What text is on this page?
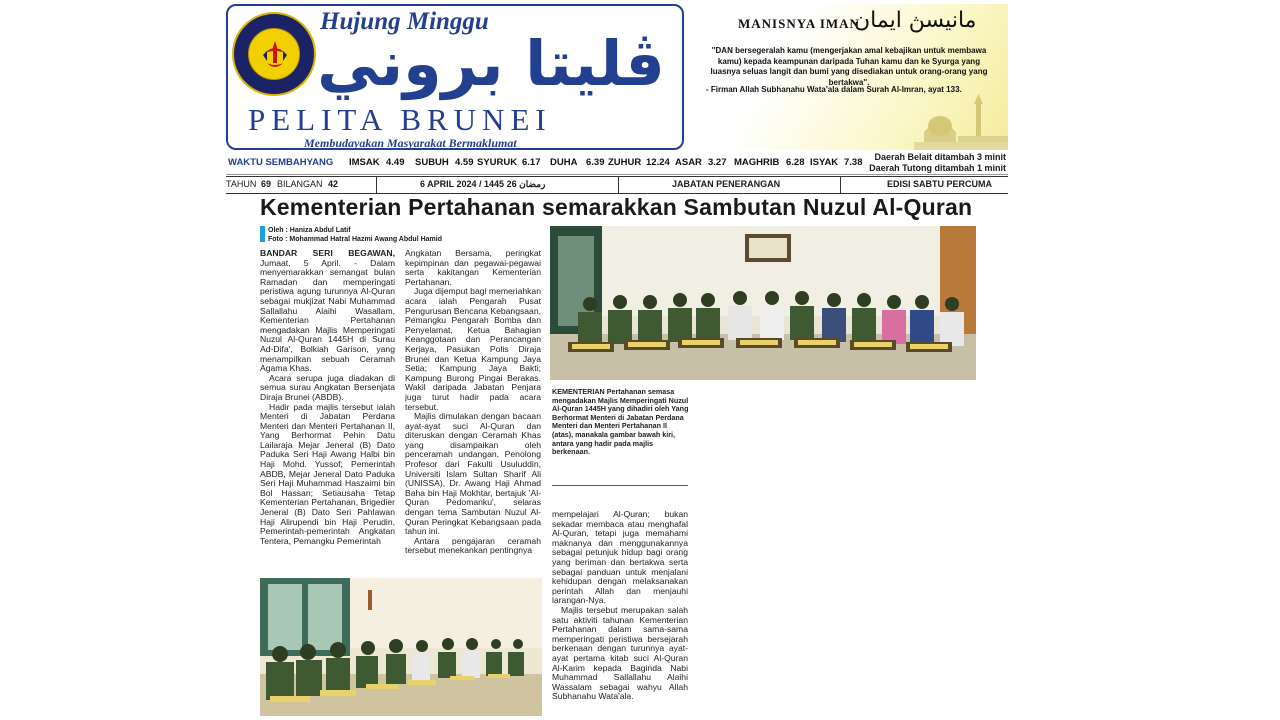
Hujung Minggu
ڤليتا بروني
PELITA BRUNEI
Membudayakan Masyarakat Bermaklumat
MANISNYA IMAN
مانيسڽ ايمان
''DAN bersegeralah kamu (mengerjakan amal kebajikan untuk membawa kamu) kepada keampunan daripada Tuhan kamu dan ke Syurga yang luasnya seluas langit dan bumi yang disediakan untuk orang-orang yang bertakwa''.
- Firman Allah Subhanahu Wata'ala dalam Surah Al-Imran, ayat 133.
WAKTU SEMBAHYANG IMSAK 4.49 SUBUH 4.59 SYURUK 6.17 DUHA 6.39 ZUHUR 12.24 ASAR 3.27 MAGHRIB 6.28 ISYAK 7.38	Daerah Belait ditambah 3 minit
Daerah Tutong ditambah 1 minit
TAHUN 69 BILANGAN 42	6 APRIL 2024 / 1445 رمضان 26	JABATAN PENERANGAN	EDISI SABTU PERCUMA
Kementerian Pertahanan semarakkan Sambutan Nuzul Al-Quran
Oleh : Haniza Abdul Latif
Foto : Mohammad Hatral Hazmi Awang Abdul Hamid

BANDAR SERI BEGAWAN, Jumaat, 5 April. - Dalam menyemarakkan semangat bulan Ramadan dan memperingati peristiwa agung turunnya Al-Quran sebagai mukjizat Nabi Muhammad Sallallahu Alaihi Wasallam, Kementerian Pertahanan mengadakan Majlis Memperingati Nuzul Al-Quran 1445H di Surau Ad-Difa', Bolkiah Garison, yang menampilkan sebuah Ceramah Agama Khas.

Acara serupa juga diadakan di semua surau Angkatan Bersenjata Diraja Brunei (ABDB).

Hadir pada majlis tersebut ialah Menteri di Jabatan Perdana Menteri dan Menteri Pertahanan II, Yang Berhormat Pehin Datu Lailaraja Mejar Jeneral (B) Dato Paduka Seri Haji Awang Halbi bin Haji Mohd. Yussof; Pemerintah ABDB, Mejar Jeneral Dato Paduka Seri Haji Muhammad Haszaimi bin Bol Hassan; Setiausaha Tetap Kementerian Pertahanan, Brigedier Jeneral (B) Dato Seri Pahlawan Haji Alirupendi bin Haji Perudin, Pemerintah-pemerintah Angkatan Tentera, Pemangku Pemerintah

Angkatan Bersama, peringkat kepimpinan dan pegawai-pegawai serta kakitangan Kementerian Pertahanan.

Juga dijemput bagi memeriahkan acara ialah Pengarah Pusat Pengurusan Bencana Kebangsaan, Pemangku Pengarah Bomba dan Penyelamat, Ketua Bahagian Keanggotaan dan Perancangan Kerjaya, Pasukan Polis Diraja Brunei dan Ketua Kampung Jaya Setia; Kampung Jaya Bakti; Kampung Burong Pingai Berakas. Wakil daripada Jabatan Penjara juga turut hadir pada acara tersebut.

Majlis dimulakan dengan bacaan ayat-ayat suci Al-Quran dan diteruskan dengan Ceramah Khas yang disampaikan oleh penceramah undangan, Penolong Profesor dari Fakulti Usuluddin, Universiti Islam Sultan Sharif Ali (UNISSA), Dr. Awang Haji Ahmad Baha bin Haji Mokhtar, bertajuk 'Al-Quran Pedomanku', selaras dengan tema Sambutan Nuzul Al-Quran Peringkat Kebangsaan pada tahun ini.

Antara pengajaran ceramah tersebut menekankan pentingnya

KEMENTERIAN Pertahanan semasa mengadakan Majlis Memperingati Nuzul Al-Quran 1445H yang dihadiri oleh Yang Berhormat Menteri di Jabatan Perdana Menteri dan Menteri Pertahanan II (atas), manakala gambar bawah kiri, antara yang hadir pada majlis berkenaan.

mempelajari Al-Quran; bukan sekadar membaca atau menghafal Al-Quran, tetapi juga memahami maknanya dan menggunakannya sebagai petunjuk hidup bagi orang yang beriman dan bertakwa serta sebagai panduan untuk menjalani kehidupan dengan melaksanakan perintah Allah dan menjauhi larangan-Nya.

Majlis tersebut merupakan salah satu aktiviti tahunan Kementerian Pertahanan dalam sama-sama memperingati peristiwa bersejarah berkenaan dengan turunnya ayat-ayat pertama kitab suci Al-Quran Al-Karim kepada Baginda Nabi Muhammad Sallallahu Alaihi Wassalam sebagai wahyu Allah Subhanahu Wata'ala.
